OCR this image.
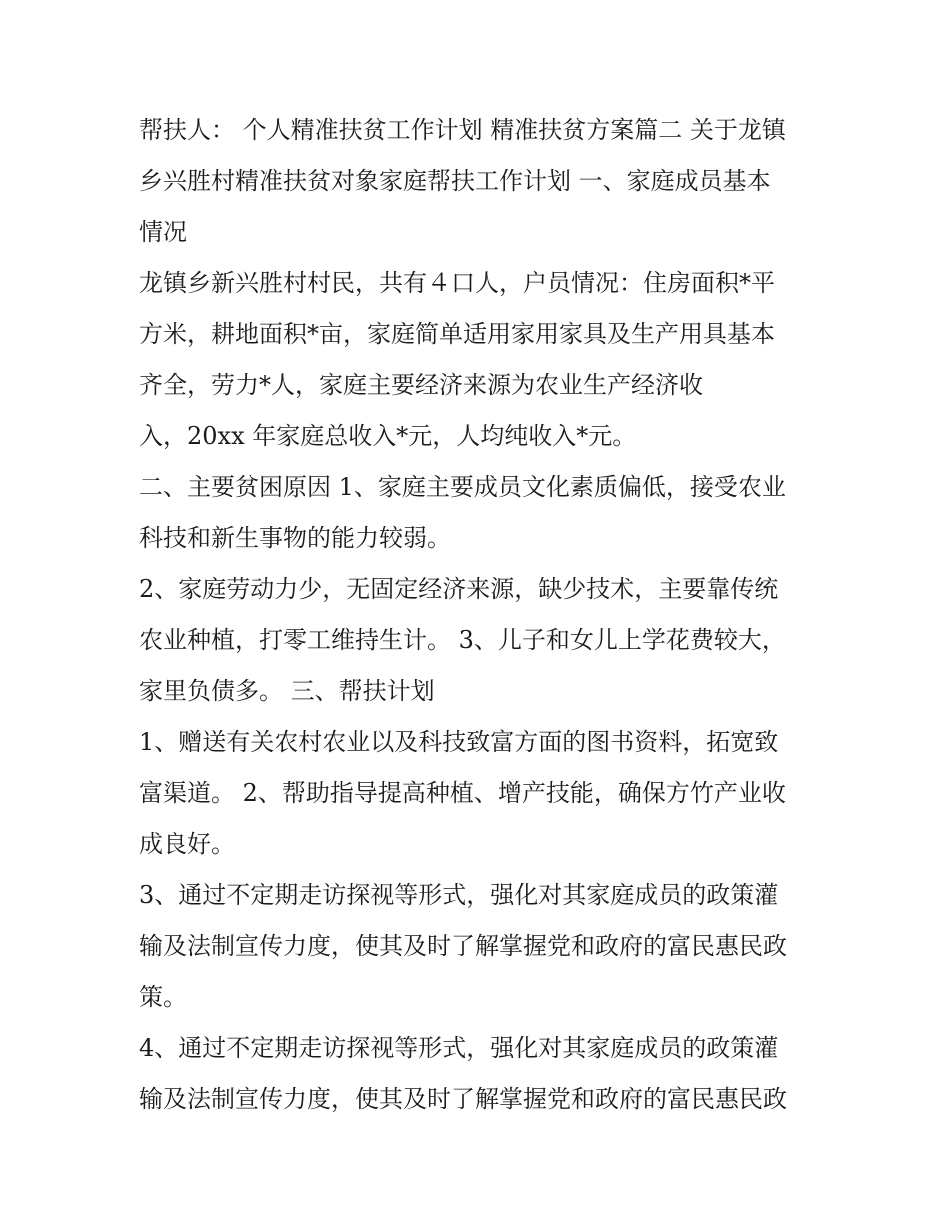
帮扶人： 个人精准扶贫工作计划 精准扶贫方案篇二 关于龙镇
乡兴胜村精准扶贫对象家庭帮扶工作计划 一、家庭成员基本
情况
龙镇乡新兴胜村村民，共有４口人，户员情况：住房面积*平
方米，耕地面积*亩，家庭简单适用家用家具及生产用具基本
齐全，劳力*人，家庭主要经济来源为农业生产经济收
入，20xx 年家庭总收入*元，人均纯收入*元。
二、主要贫困原因 1、家庭主要成员文化素质偏低，接受农业
科技和新生事物的能力较弱。
2、家庭劳动力少，无固定经济来源，缺少技术，主要靠传统
农业种植，打零工维持生计。 3、儿子和女儿上学花费较大，
家里负债多。 三、帮扶计划
1、赠送有关农村农业以及科技致富方面的图书资料，拓宽致
富渠道。 2、帮助指导提高种植、增产技能，确保方竹产业收
成良好。
3、通过不定期走访探视等形式，强化对其家庭成员的政策灌
输及法制宣传力度，使其及时了解掌握党和政府的富民惠民政
策。
4、通过不定期走访探视等形式，强化对其家庭成员的政策灌
输及法制宣传力度，使其及时了解掌握党和政府的富民惠民政
